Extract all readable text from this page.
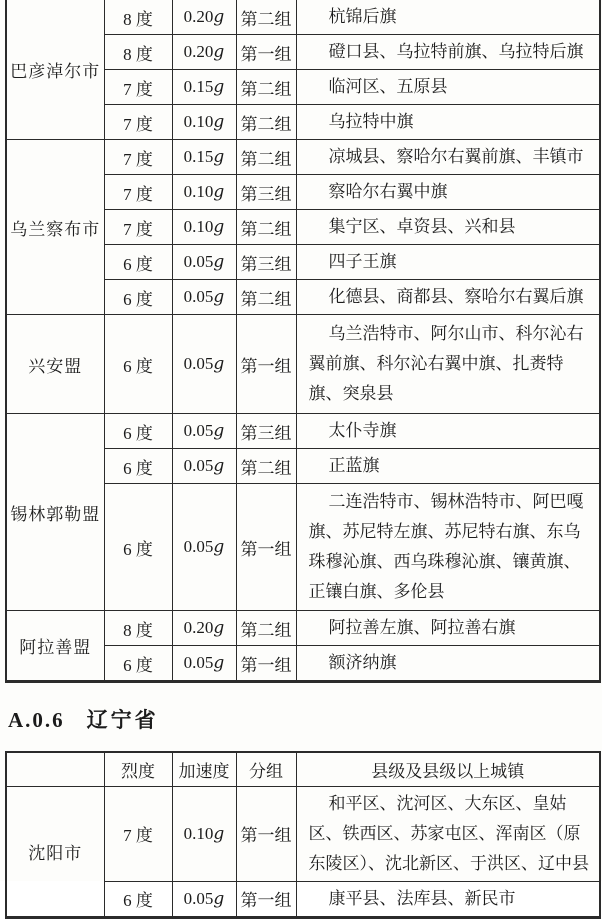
巴彦淖尔市	8 度	0.20g	第二组	杭锦后旗
	8 度	0.20g	第一组	磴口县、乌拉特前旗、乌拉特后旗
	7 度	0.15g	第二组	临河区、五原县
	7 度	0.10g	第二组	乌拉特中旗
乌兰察布市	7 度	0.15g	第二组	凉城县、察哈尔右翼前旗、丰镇市
	7 度	0.10g	第三组	察哈尔右翼中旗
	7 度	0.10g	第二组	集宁区、卓资县、兴和县
	6 度	0.05g	第三组	四子王旗
	6 度	0.05g	第二组	化德县、商都县、察哈尔右翼后旗
兴安盟	6 度	0.05g	第一组	乌兰浩特市、阿尔山市、科尔沁右翼前旗、科尔沁右翼中旗、扎赉特旗、突泉县
锡林郭勒盟	6 度	0.05g	第三组	太仆寺旗
	6 度	0.05g	第二组	正蓝旗
	6 度	0.05g	第一组	二连浩特市、锡林浩特市、阿巴嘎旗、苏尼特左旗、苏尼特右旗、东乌珠穆沁旗、西乌珠穆沁旗、镶黄旗、正镶白旗、多伦县
阿拉善盟	8 度	0.20g	第二组	阿拉善左旗、阿拉善右旗
	6 度	0.05g	第一组	额济纳旗
A.0.6 辽宁省
	烈度	加速度	分组	县级及县级以上城镇
沈阳市	7 度	0.10g	第一组	和平区、沈河区、大东区、皇姑区、铁西区、苏家屯区、浑南区（原东陵区）、沈北新区、于洪区、辽中县
	6 度	0.05g	第一组	康平县、法库县、新民市
